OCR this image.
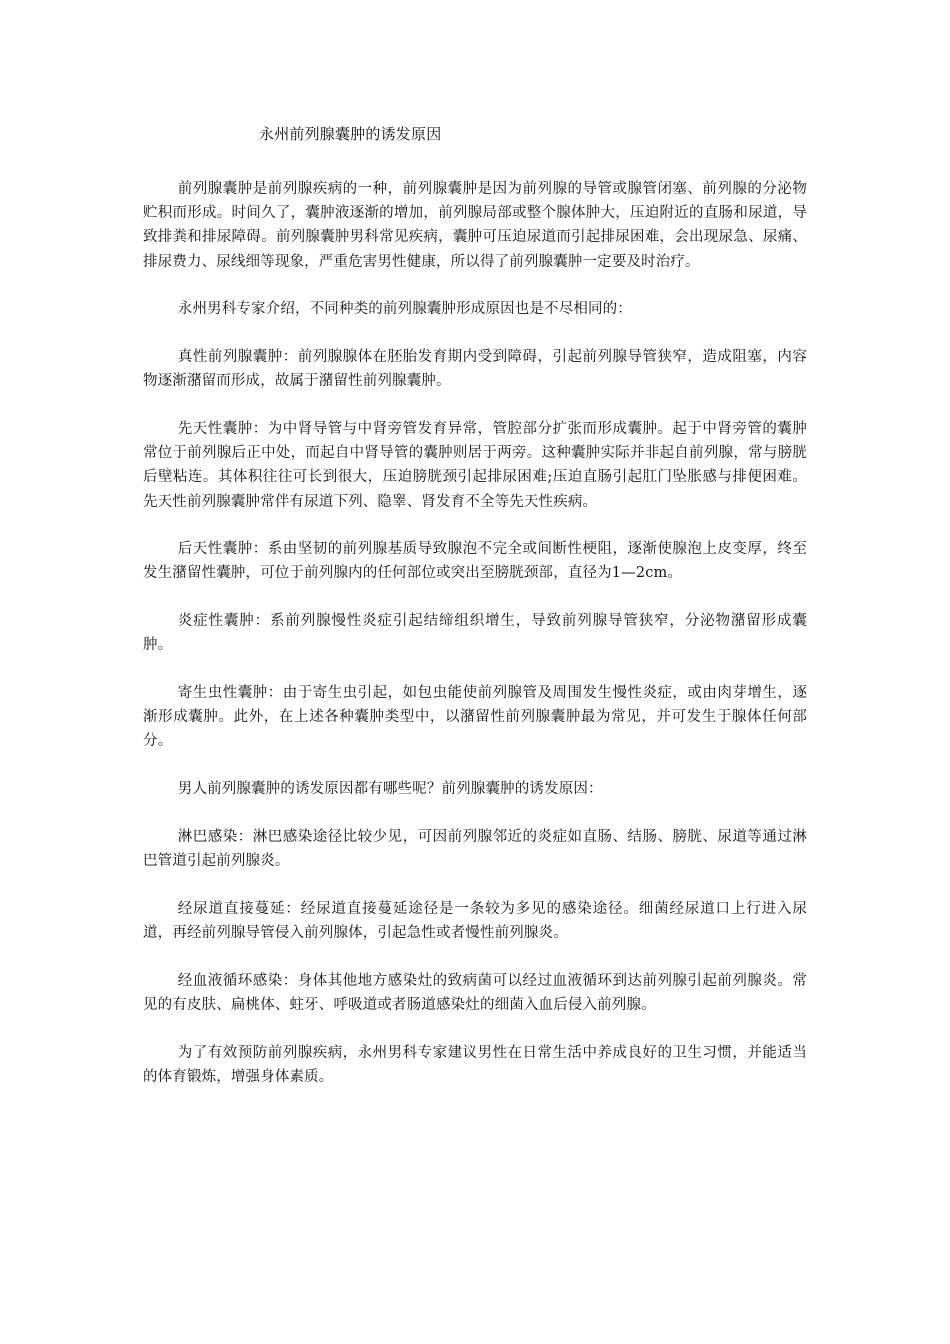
永州前列腺囊肿的诱发原因

前列腺囊肿是前列腺疾病的一种，前列腺囊肿是因为前列腺的导管或腺管闭塞、前列腺的分泌物贮积而形成。时间久了，囊肿液逐渐的增加，前列腺局部或整个腺体肿大，压迫附近的直肠和尿道，导致排粪和排尿障碍。前列腺囊肿男科常见疾病，囊肿可压迫尿道而引起排尿困难，会出现尿急、尿痛、排尿费力、尿线细等现象，严重危害男性健康，所以得了前列腺囊肿一定要及时治疗。

永州男科专家介绍，不同种类的前列腺囊肿形成原因也是不尽相同的：

真性前列腺囊肿：前列腺腺体在胚胎发育期内受到障碍，引起前列腺导管狭窄，造成阻塞，内容物逐渐潴留而形成，故属于潴留性前列腺囊肿。

先天性囊肿：为中肾导管与中肾旁管发育异常，管腔部分扩张而形成囊肿。起于中肾旁管的囊肿常位于前列腺后正中处，而起自中肾导管的囊肿则居于两旁。这种囊肿实际并非起自前列腺，常与膀胱后壁粘连。其体积往往可长到很大，压迫膀胱颈引起排尿困难;压迫直肠引起肛门坠胀感与排便困难。先天性前列腺囊肿常伴有尿道下列、隐睾、肾发育不全等先天性疾病。

后天性囊肿：系由坚韧的前列腺基质导致腺泡不完全或间断性梗阻，逐渐使腺泡上皮变厚，终至发生潴留性囊肿，可位于前列腺内的任何部位或突出至膀胱颈部，直径为1—2cm。

炎症性囊肿：系前列腺慢性炎症引起结缔组织增生，导致前列腺导管狭窄，分泌物潴留形成囊肿。

寄生虫性囊肿：由于寄生虫引起，如包虫能使前列腺管及周围发生慢性炎症，或由肉芽增生，逐渐形成囊肿。此外，在上述各种囊肿类型中，以潴留性前列腺囊肿最为常见，并可发生于腺体任何部分。

男人前列腺囊肿的诱发原因都有哪些呢？前列腺囊肿的诱发原因：

淋巴感染：淋巴感染途径比较少见，可因前列腺邻近的炎症如直肠、结肠、膀胱、尿道等通过淋巴管道引起前列腺炎。

经尿道直接蔓延：经尿道直接蔓延途径是一条较为多见的感染途径。细菌经尿道口上行进入尿道，再经前列腺导管侵入前列腺体，引起急性或者慢性前列腺炎。

经血液循环感染：身体其他地方感染灶的致病菌可以经过血液循环到达前列腺引起前列腺炎。常见的有皮肤、扁桃体、蛀牙、呼吸道或者肠道感染灶的细菌入血后侵入前列腺。

为了有效预防前列腺疾病，永州男科专家建议男性在日常生活中养成良好的卫生习惯，并能适当的体育锻炼，增强身体素质。
